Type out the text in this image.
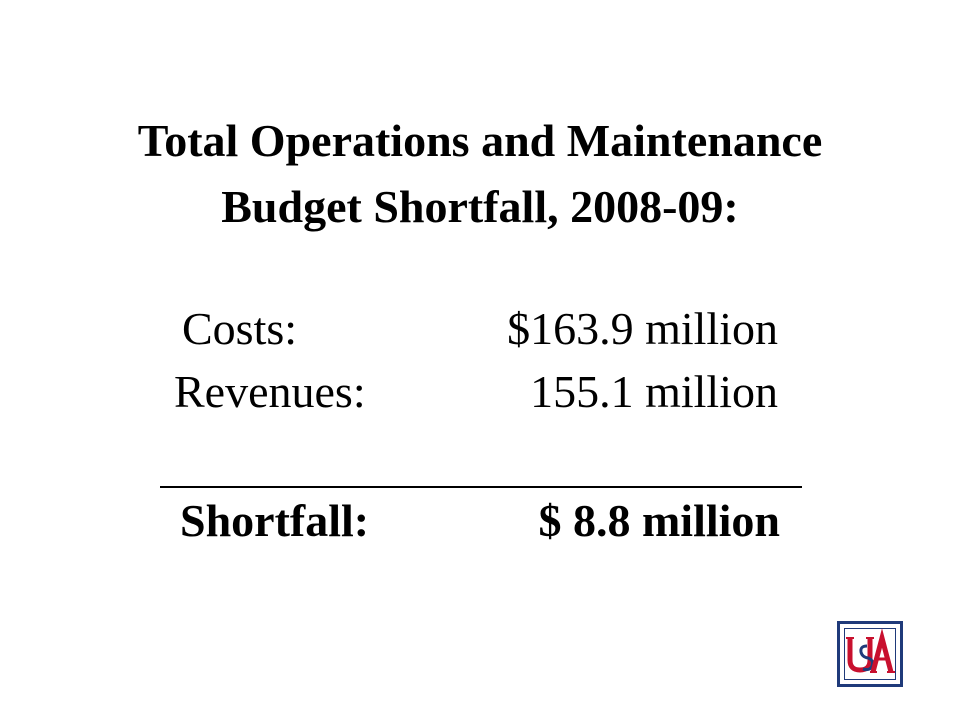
Total Operations and Maintenance
Budget Shortfall, 2008-09:
Costs:	$163.9 million
Revenues:	155.1 million
Shortfall:	$ 8.8 million
